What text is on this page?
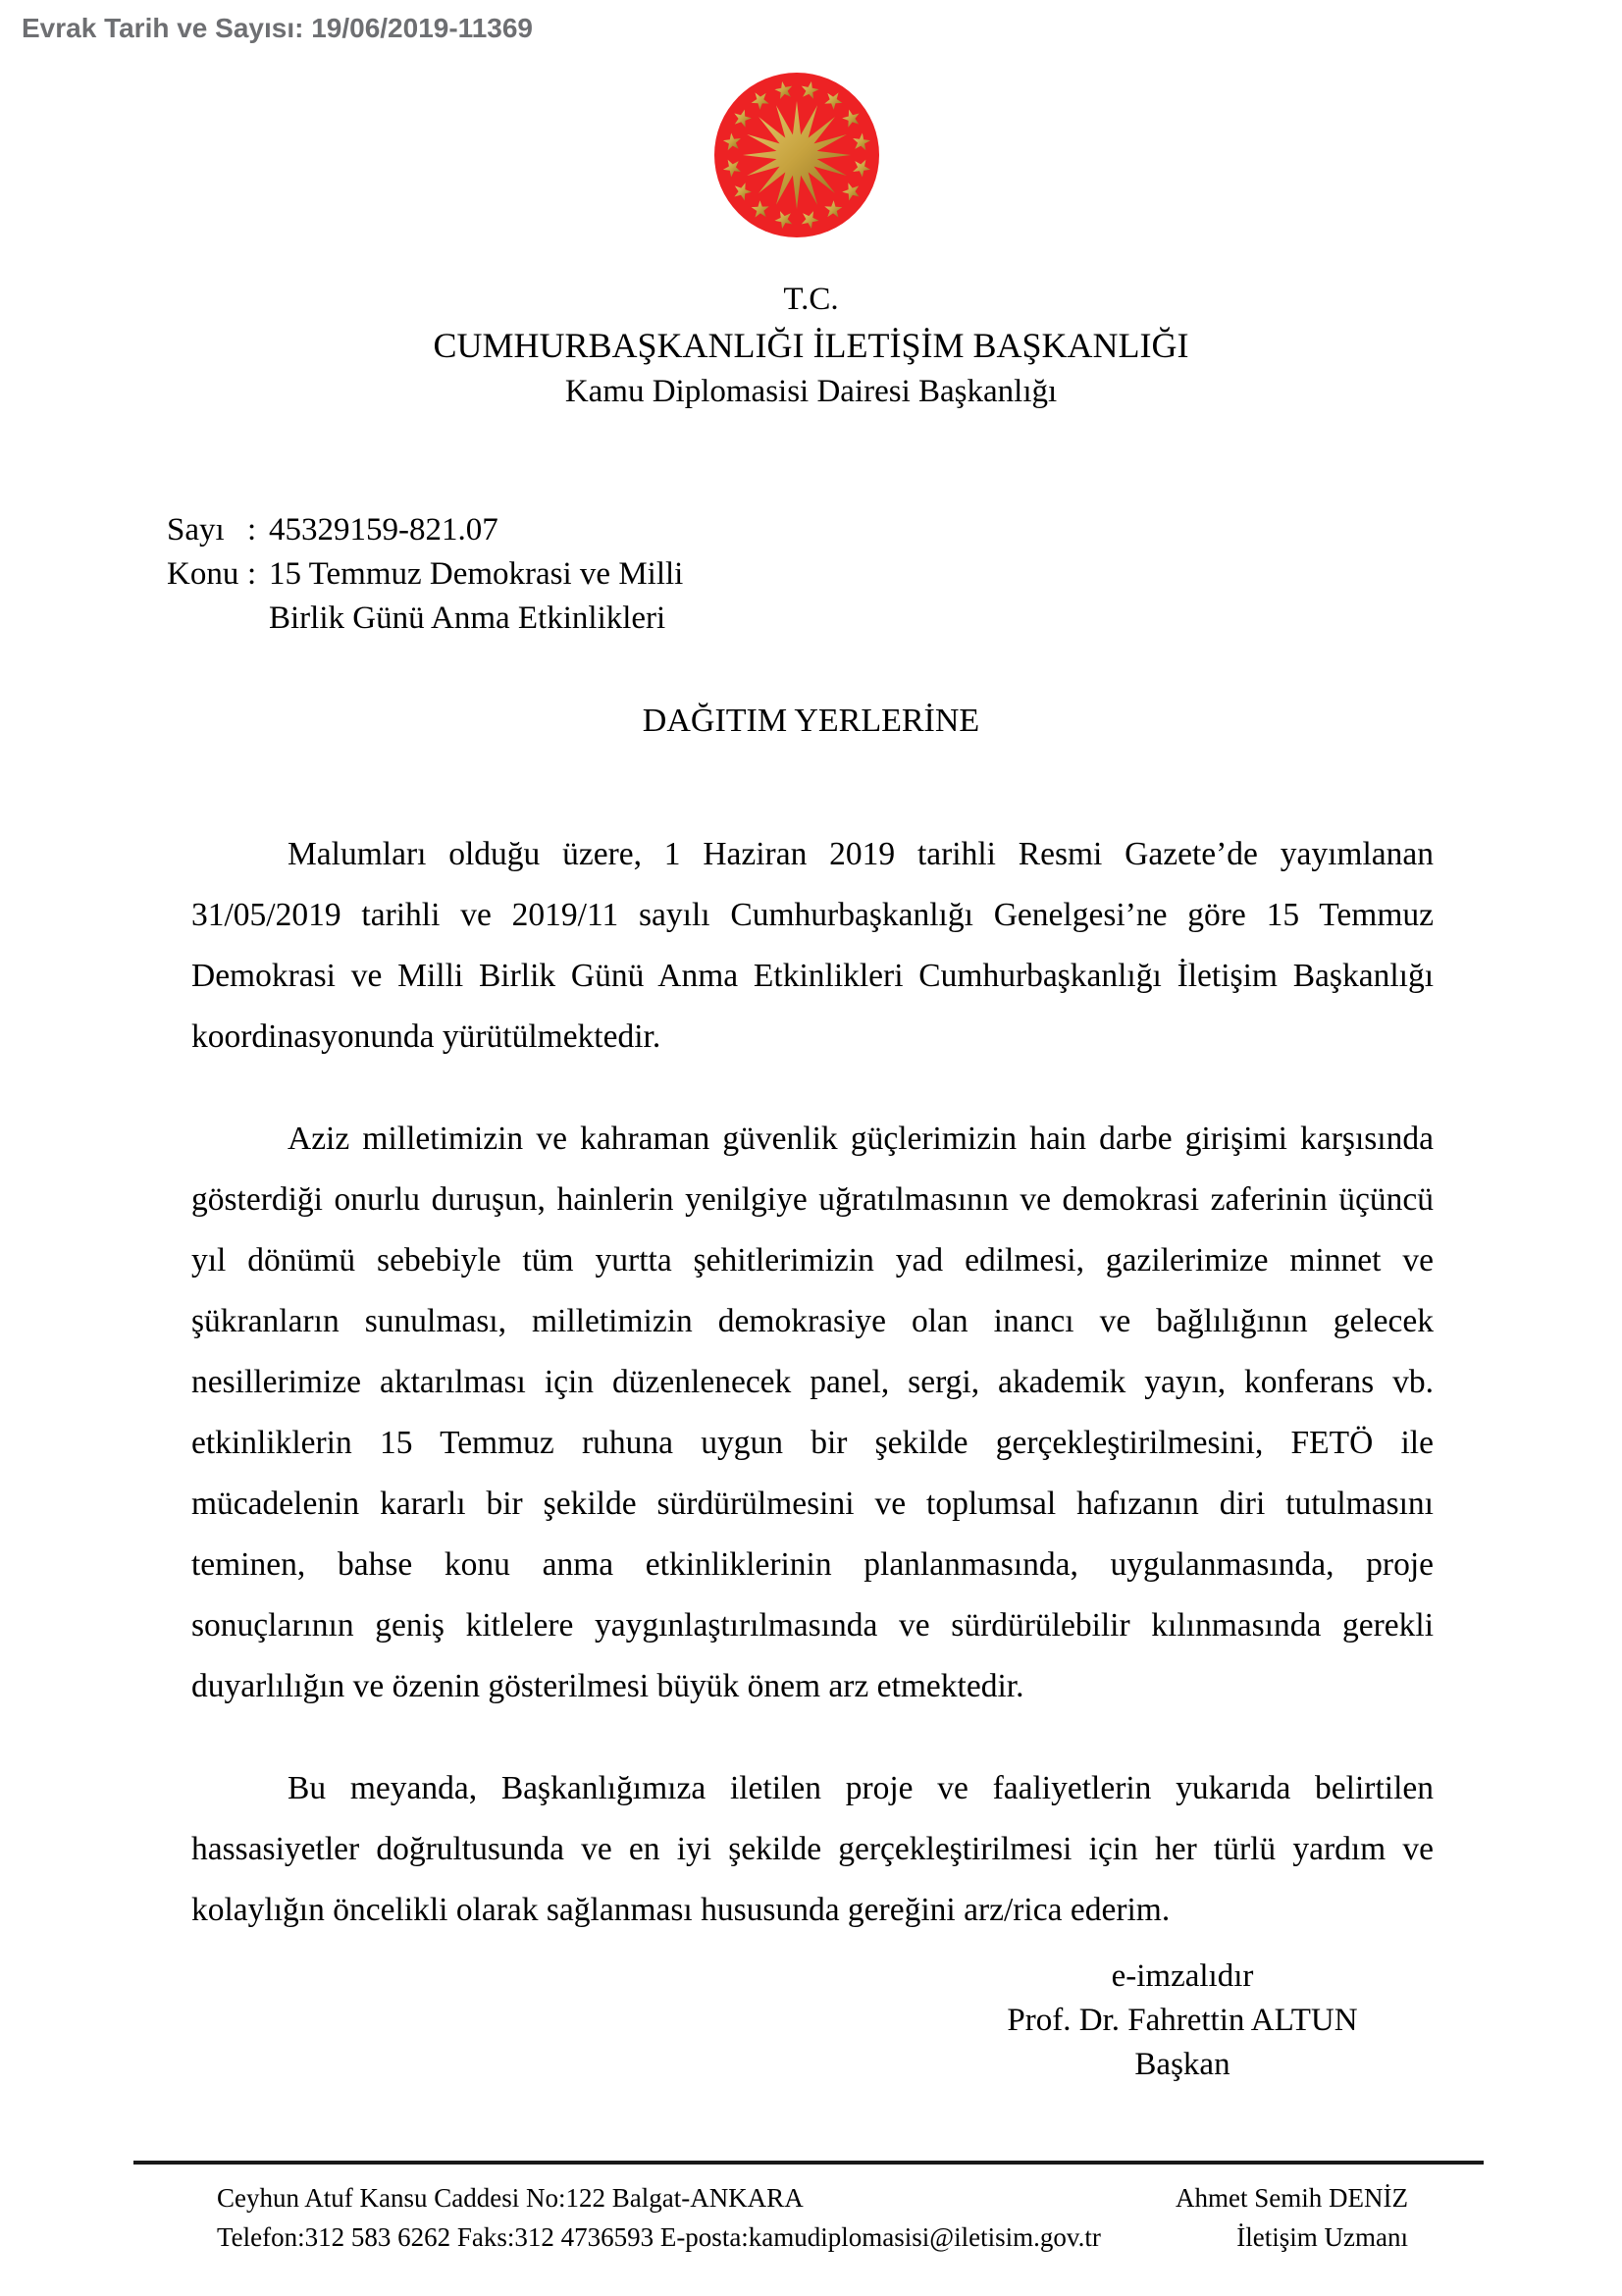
Evrak Tarih ve Sayısı: 19/06/2019-11369
T.C.
CUMHURBAŞKANLIĞI İLETİŞİM BAŞKANLIĞI
Kamu Diplomasisi Dairesi Başkanlığı
Sayı : 45329159-821.07
Konu : 15 Temmuz Demokrasi ve Milli
Birlik Günü Anma Etkinlikleri
DAĞITIM YERLERİNE

Malumları olduğu üzere, 1 Haziran 2019 tarihli Resmi Gazete’de yayımlanan 31/05/2019 tarihli ve 2019/11 sayılı Cumhurbaşkanlığı Genelgesi’ne göre 15 Temmuz Demokrasi ve Milli Birlik Günü Anma Etkinlikleri Cumhurbaşkanlığı İletişim Başkanlığı koordinasyonunda yürütülmektedir.

Aziz milletimizin ve kahraman güvenlik güçlerimizin hain darbe girişimi karşısında gösterdiği onurlu duruşun, hainlerin yenilgiye uğratılmasının ve demokrasi zaferinin üçüncü yıl dönümü sebebiyle tüm yurtta şehitlerimizin yad edilmesi, gazilerimize minnet ve şükranların sunulması, milletimizin demokrasiye olan inancı ve bağlılığının gelecek nesillerimize aktarılması için düzenlenecek panel, sergi, akademik yayın, konferans vb. etkinliklerin 15 Temmuz ruhuna uygun bir şekilde gerçekleştirilmesini, FETÖ ile mücadelenin kararlı bir şekilde sürdürülmesini ve toplumsal hafızanın diri tutulmasını teminen, bahse konu anma etkinliklerinin planlanmasında, uygulanmasında, proje sonuçlarının geniş kitlelere yaygınlaştırılmasında ve sürdürülebilir kılınmasında gerekli duyarlılığın ve özenin gösterilmesi büyük önem arz etmektedir.

Bu meyanda, Başkanlığımıza iletilen proje ve faaliyetlerin yukarıda belirtilen hassasiyetler doğrultusunda ve en iyi şekilde gerçekleştirilmesi için her türlü yardım ve kolaylığın öncelikli olarak sağlanması hususunda gereğini arz/rica ederim.

e-imzalıdır
Prof. Dr. Fahrettin ALTUN
Başkan
Ceyhun Atuf Kansu Caddesi No:122 Balgat-ANKARA
Telefon:312 583 6262 Faks:312 4736593 E-posta:kamudiplomasisi@iletisim.gov.tr
Ahmet Semih DENİZ
İletişim Uzmanı
